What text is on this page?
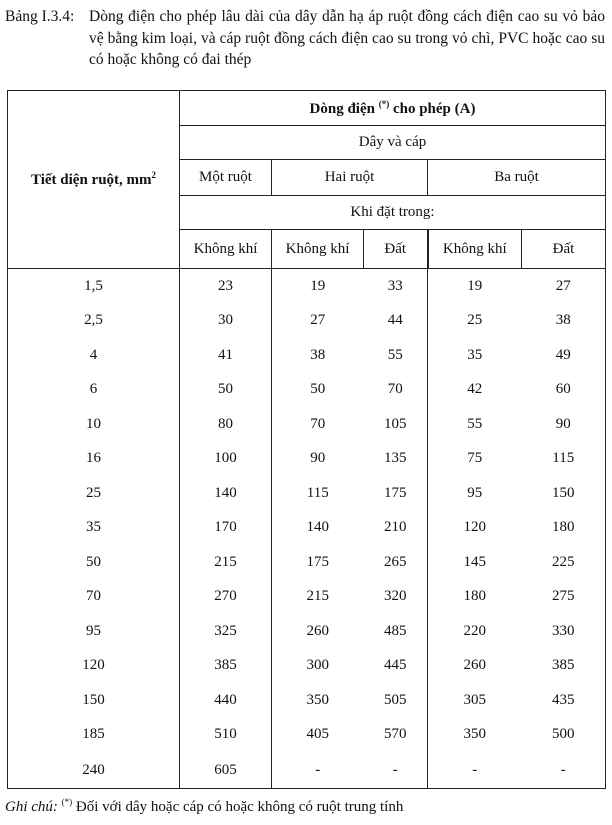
Bảng I.3.4: Dòng điện cho phép lâu dài của dây dẫn hạ áp ruột đồng cách điện cao su vỏ bảo vệ bằng kim loại, và cáp ruột đồng cách điện cao su trong vỏ chì, PVC hoặc cao su có hoặc không có đai thép
Tiết diện ruột, $mm^2$	Dòng điện (*) cho phép (A)				
	Dây và cáp				
	Một ruột	Hai ruột		Ba ruột	
	Khi đặt trong:				
	Không khí	Không khí	Đất	Không khí	Đất
1,5	23	19	33	19	27
2,5	30	27	44	25	38
4	41	38	55	35	49
6	50	50	70	42	60
10	80	70	105	55	90
16	100	90	135	75	115
25	140	115	175	95	150
35	170	140	210	120	180
50	215	175	265	145	225
70	270	215	320	180	275
95	325	260	485	220	330
120	385	300	445	260	385
150	440	350	505	305	435
185	510	405	570	350	500
240	605	-	-	-	-
Ghi chú: (*) Đối với dây hoặc cáp có hoặc không có ruột trung tính
